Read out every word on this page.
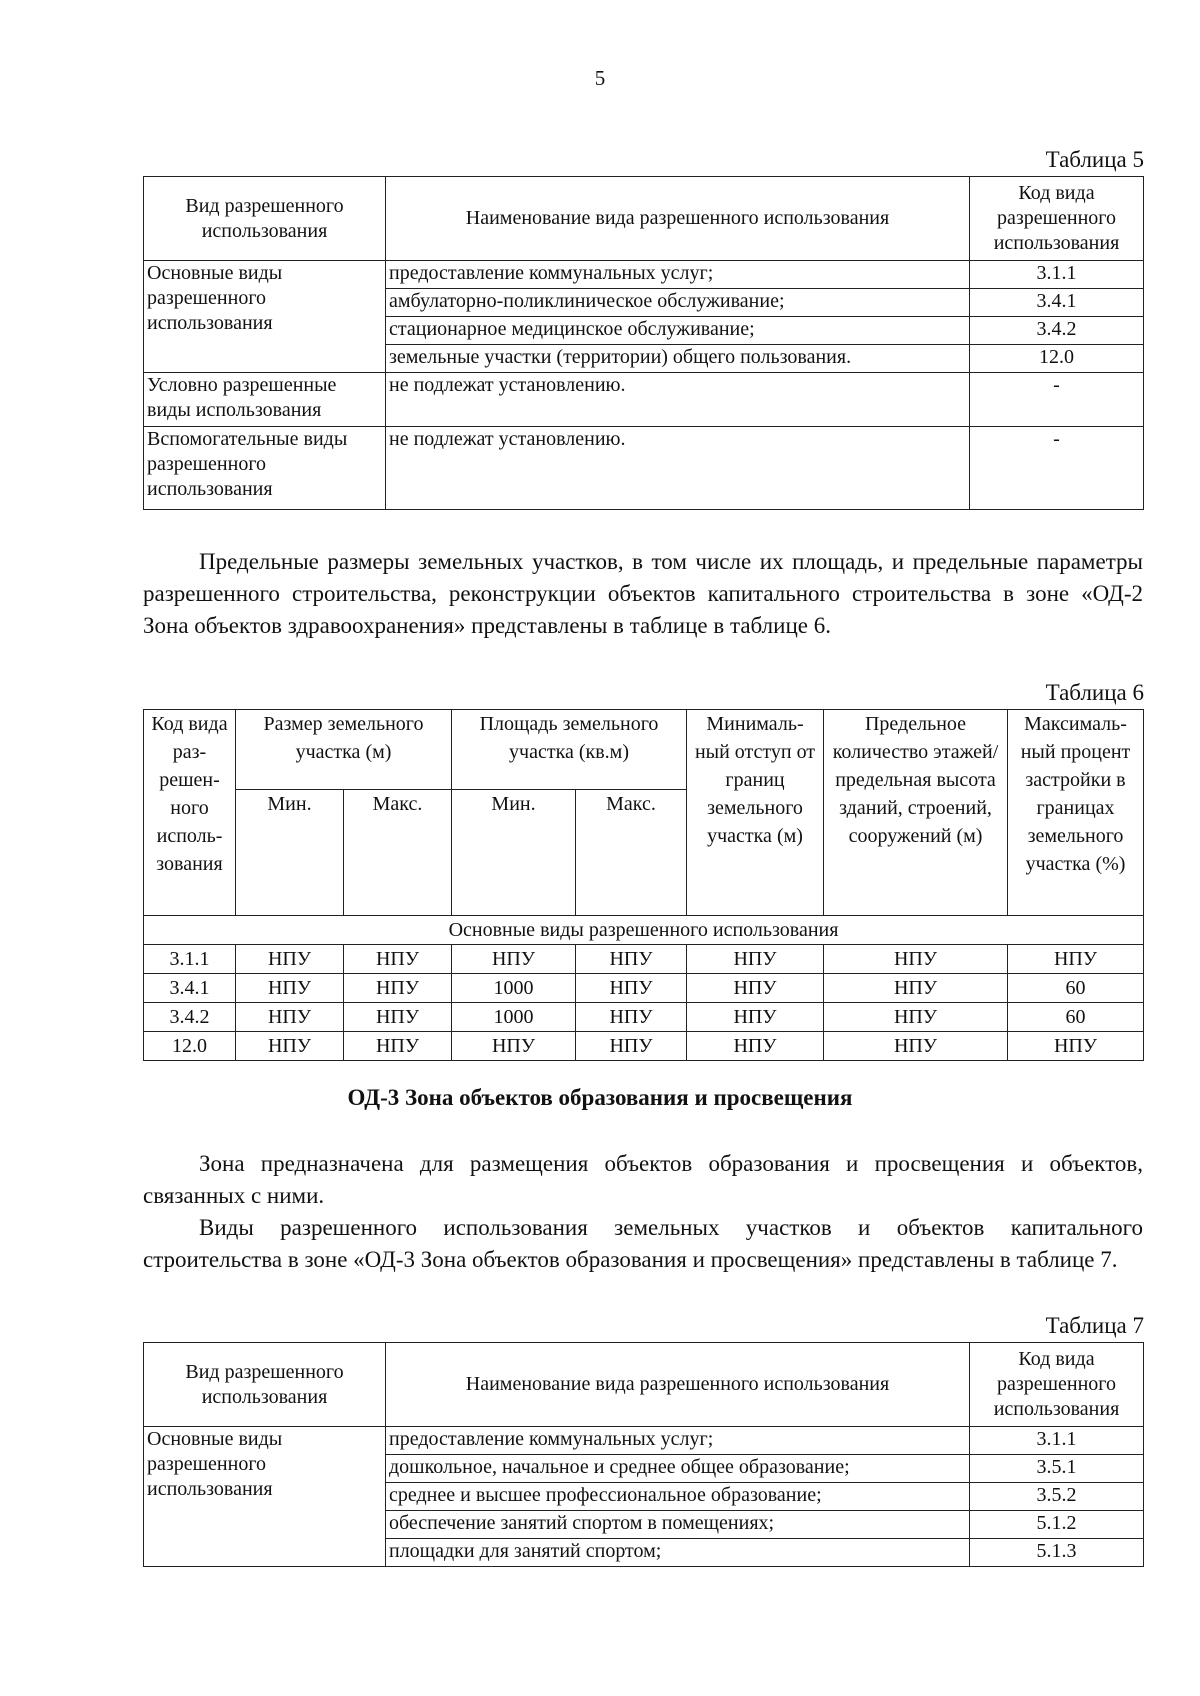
5
Таблица 5
Вид разрешенного использования	Наименование вида разрешенного использования	Код вида разрешенного использования
Основные виды разрешенного использования	предоставление коммунальных услуг;	3.1.1
	амбулаторно-поликлиническое обслуживание;	3.4.1
	стационарное медицинское обслуживание;	3.4.2
	земельные участки (территории) общего пользования.	12.0
Условно разрешенные виды использования	не подлежат установлению.	-
Вспомогательные виды разрешенного использования	не подлежат установлению.	-

Предельные размеры земельных участков, в том числе их площадь, и предельные параметры разрешенного строительства, реконструкции объектов капитального строительства в зоне «ОД-2 Зона объектов здравоохранения» представлены в таблице в таблице 6.

Таблица 6
Код вида раз-решен-ного исполь-зования	Размер земельного участка (м)		Площадь земельного участка (кв.м)		Минималь-ный отступ от границ земельного участка (м)	Предельное количество этажей/ предельная высота зданий, строений, сооружений (м)	Максималь-ный процент застройки в границах земельного участка (%)
	Мин.	Макс.	Мин.	Макс.			
Основные виды разрешенного использования							
3.1.1	НПУ	НПУ	НПУ	НПУ	НПУ	НПУ	НПУ
3.4.1	НПУ	НПУ	1000	НПУ	НПУ	НПУ	60
3.4.2	НПУ	НПУ	1000	НПУ	НПУ	НПУ	60
12.0	НПУ	НПУ	НПУ	НПУ	НПУ	НПУ	НПУ
ОД-3 Зона объектов образования и просвещения

Зона предназначена для размещения объектов образования и просвещения и объектов, связанных с ними.

Виды разрешенного использования земельных участков и объектов капитального строительства в зоне «ОД-3 Зона объектов образования и просвещения» представлены в таблице 7.

Таблица 7
Вид разрешенного использования	Наименование вида разрешенного использования	Код вида разрешенного использования
Основные виды разрешенного использования	предоставление коммунальных услуг;	3.1.1
	дошкольное, начальное и среднее общее образование;	3.5.1
	среднее и высшее профессиональное образование;	3.5.2
	обеспечение занятий спортом в помещениях;	5.1.2
	площадки для занятий спортом;	5.1.3
